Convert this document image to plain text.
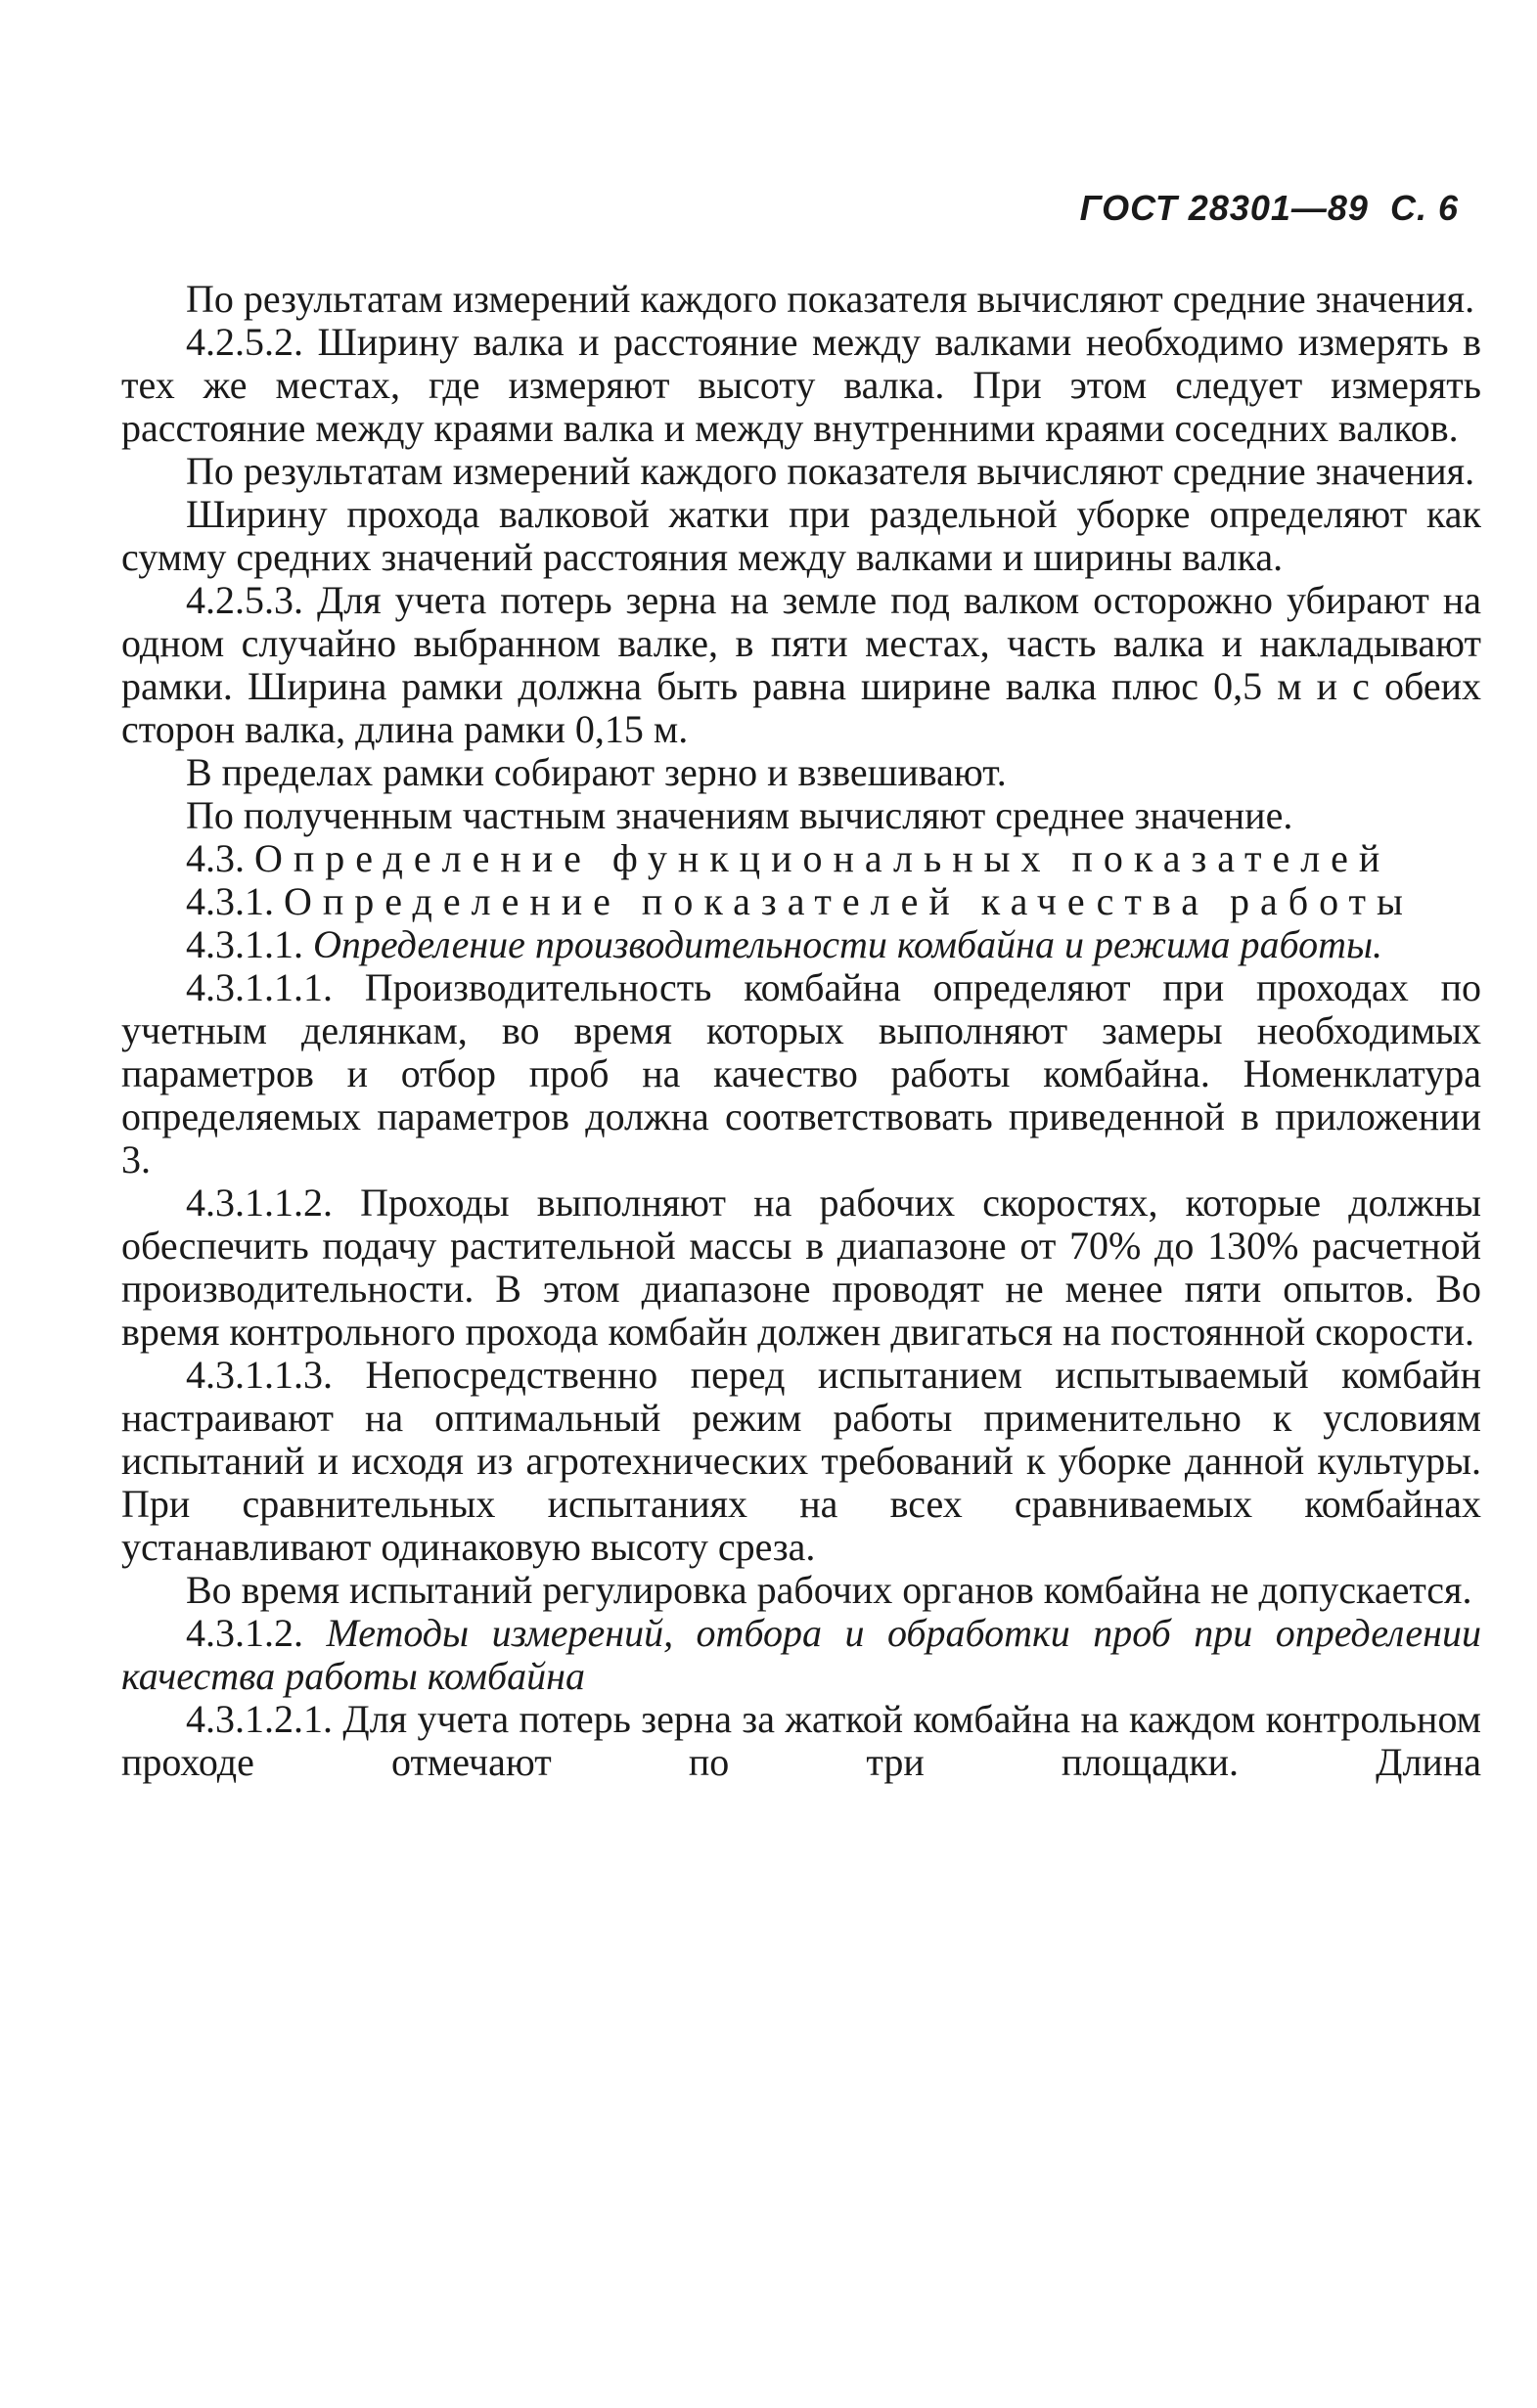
ГОСТ 28301—89 С. 6

По результатам измерений каждого показателя вычисляют средние значения.

4.2.5.2. Ширину валка и расстояние между валками необходимо измерять в тех же местах, где измеряют высоту валка. При этом следует измерять расстояние между краями валка и между внутренними краями соседних валков.

По результатам измерений каждого показателя вычисляют средние значения.

Ширину прохода валковой жатки при раздельной уборке определяют как сумму средних значений расстояния между валками и ширины валка.

4.2.5.3. Для учета потерь зерна на земле под валком осторожно убирают на одном случайно выбранном валке, в пяти местах, часть валка и накладывают рамки. Ширина рамки должна быть равна ширине валка плюс 0,5 м и с обеих сторон валка, длина рамки 0,15 м.

В пределах рамки собирают зерно и взвешивают.

По полученным частным значениям вычисляют среднее значение.

4.3. Определение функциональных показателей

4.3.1. Определение показателей качества работы

4.3.1.1. Определение производительности комбайна и режима работы.

4.3.1.1.1. Производительность комбайна определяют при проходах по учетным делянкам, во время которых выполняют замеры необходимых параметров и отбор проб на качество работы комбайна. Номенклатура определяемых параметров должна соответствовать приведенной в приложении 3.

4.3.1.1.2. Проходы выполняют на рабочих скоростях, которые должны обеспечить подачу растительной массы в диапазоне от 70% до 130% расчетной производительности. В этом диапазоне проводят не менее пяти опытов. Во время контрольного прохода комбайн должен двигаться на постоянной скорости.

4.3.1.1.3. Непосредственно перед испытанием испытываемый комбайн настраивают на оптимальный режим работы применительно к условиям испытаний и исходя из агротехнических требований к уборке данной культуры. При сравнительных испытаниях на всех сравниваемых комбайнах устанавливают одинаковую высоту среза.

Во время испытаний регулировка рабочих органов комбайна не допускается.

4.3.1.2. Методы измерений, отбора и обработки проб при определении качества работы комбайна

4.3.1.2.1. Для учета потерь зерна за жаткой комбайна на каждом контрольном проходе отмечают по три площадки. Длина
